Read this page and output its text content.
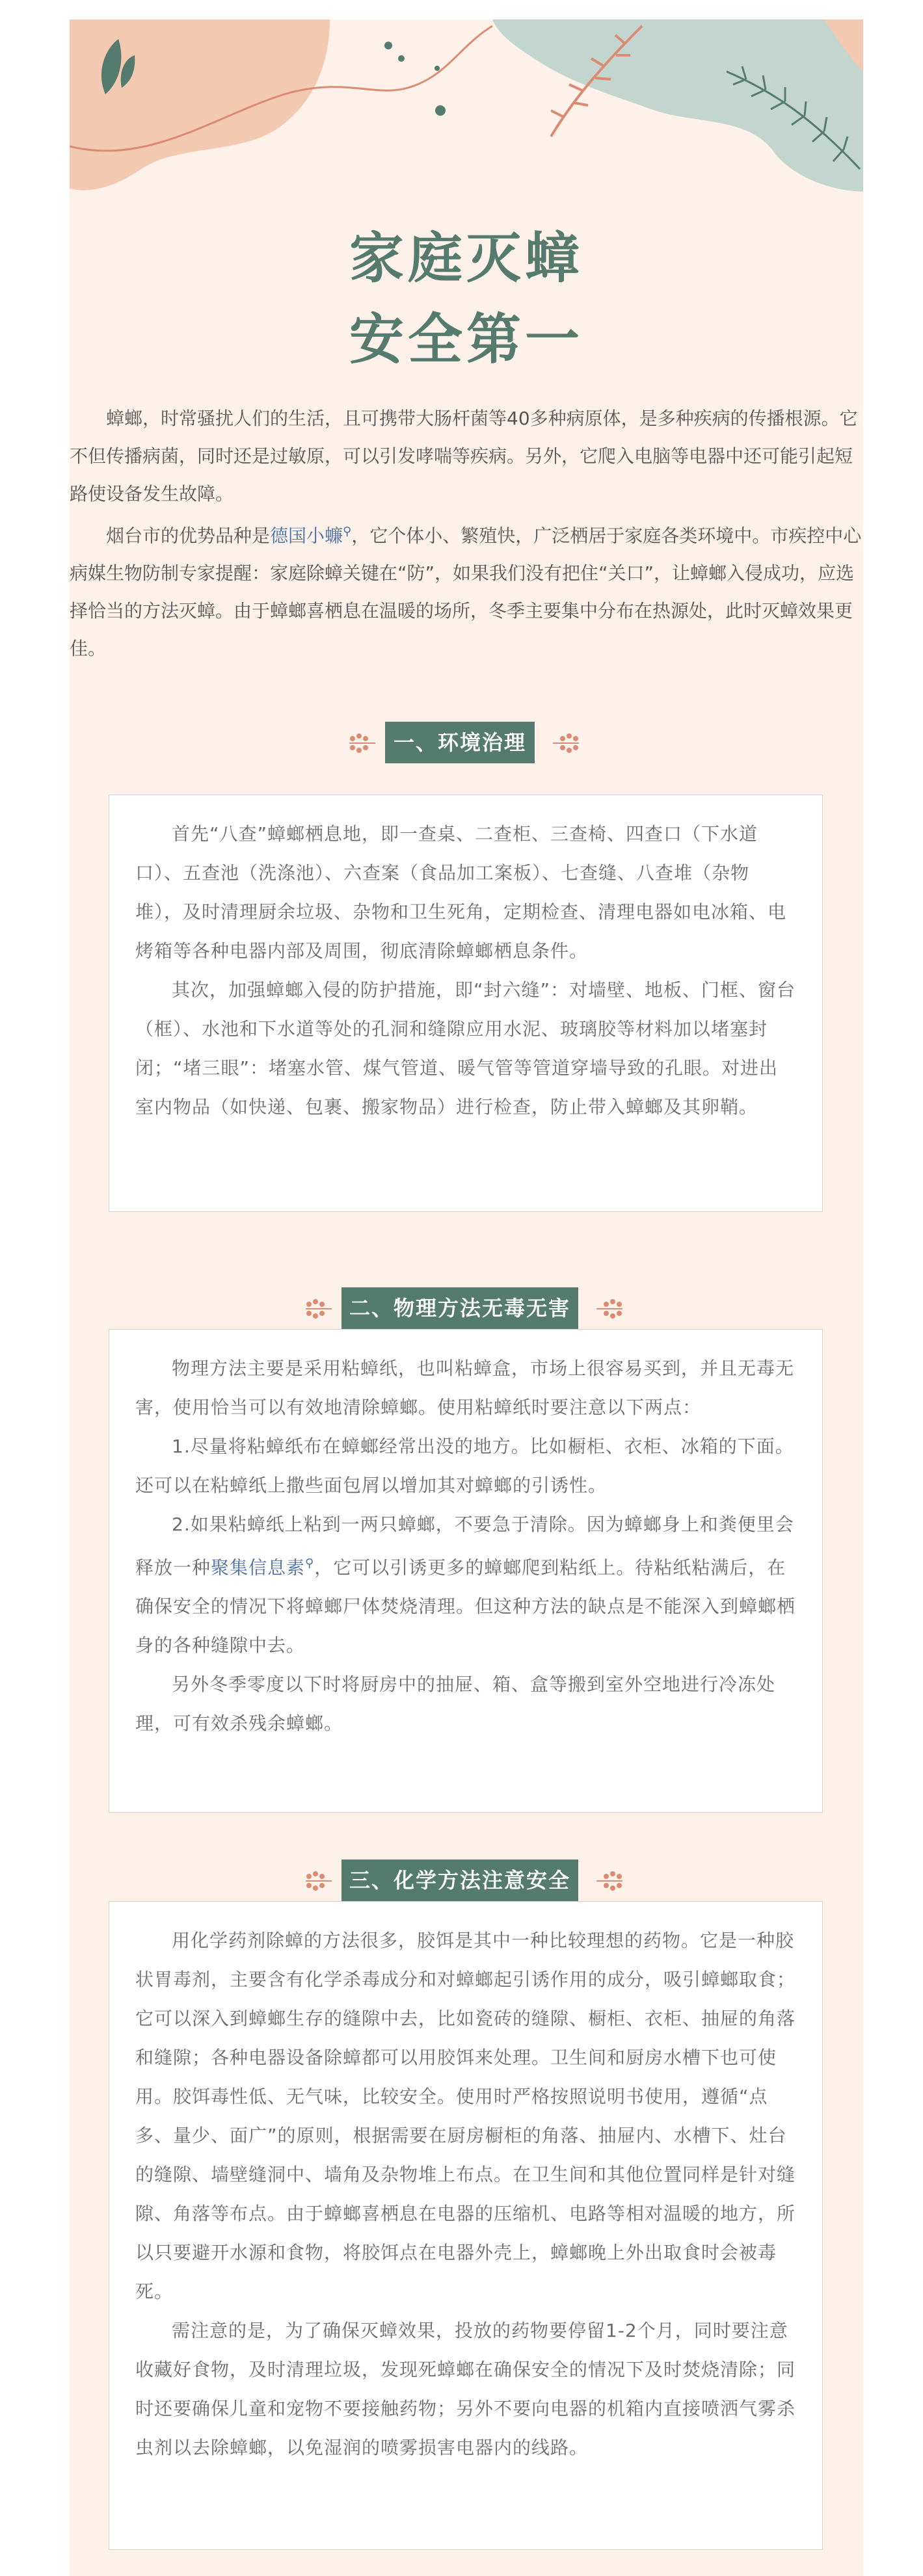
家庭灭蟑
安全第一

蟑螂，时常骚扰人们的生活，且可携带大肠杆菌等40多种病原体，是多种疾病的传播根源。它不但传播病菌，同时还是过敏原，可以引发哮喘等疾病。另外，它爬入电脑等电器中还可能引起短路使设备发生故障。

烟台市的优势品种是德国小蠊⚲，它个体小、繁殖快，广泛栖居于家庭各类环境中。市疾控中心病媒生物防制专家提醒：家庭除蟑关键在“防”，如果我们没有把住“关口”，让蟑螂入侵成功，应选择恰当的方法灭蟑。由于蟑螂喜栖息在温暖的场所，冬季主要集中分布在热源处，此时灭蟑效果更佳。

一、环境治理

首先“八查”蟑螂栖息地，即一查桌、二查柜、三查椅、四查口（下水道口）、五查池（洗涤池）、六查案（食品加工案板）、七查缝、八查堆（杂物堆），及时清理厨余垃圾、杂物和卫生死角，定期检查、清理电器如电冰箱、电烤箱等各种电器内部及周围，彻底清除蟑螂栖息条件。

其次，加强蟑螂入侵的防护措施，即“封六缝”：对墙壁、地板、门框、窗台（框）、水池和下水道等处的孔洞和缝隙应用水泥、玻璃胶等材料加以堵塞封闭；“堵三眼”：堵塞水管、煤气管道、暖气管等管道穿墙导致的孔眼。对进出室内物品（如快递、包裹、搬家物品）进行检查，防止带入蟑螂及其卵鞘。

二、物理方法无毒无害

物理方法主要是采用粘蟑纸，也叫粘蟑盒，市场上很容易买到，并且无毒无害，使用恰当可以有效地清除蟑螂。使用粘蟑纸时要注意以下两点：

1.尽量将粘蟑纸布在蟑螂经常出没的地方。比如橱柜、衣柜、冰箱的下面。还可以在粘蟑纸上撒些面包屑以增加其对蟑螂的引诱性。

2.如果粘蟑纸上粘到一两只蟑螂，不要急于清除。因为蟑螂身上和粪便里会释放一种聚集信息素⚲，它可以引诱更多的蟑螂爬到粘纸上。待粘纸粘满后，在确保安全的情况下将蟑螂尸体焚烧清理。但这种方法的缺点是不能深入到蟑螂栖身的各种缝隙中去。

另外冬季零度以下时将厨房中的抽屉、箱、盒等搬到室外空地进行冷冻处理，可有效杀残余蟑螂。

三、化学方法注意安全

用化学药剂除蟑的方法很多，胶饵是其中一种比较理想的药物。它是一种胶状胃毒剂，主要含有化学杀毒成分和对蟑螂起引诱作用的成分，吸引蟑螂取食；它可以深入到蟑螂生存的缝隙中去，比如瓷砖的缝隙、橱柜、衣柜、抽屉的角落和缝隙；各种电器设备除蟑都可以用胶饵来处理。卫生间和厨房水槽下也可使用。胶饵毒性低、无气味，比较安全。使用时严格按照说明书使用，遵循“点多、量少、面广”的原则，根据需要在厨房橱柜的角落、抽屉内、水槽下、灶台的缝隙、墙壁缝洞中、墙角及杂物堆上布点。在卫生间和其他位置同样是针对缝隙、角落等布点。由于蟑螂喜栖息在电器的压缩机、电路等相对温暖的地方，所以只要避开水源和食物，将胶饵点在电器外壳上，蟑螂晚上外出取食时会被毒死。

需注意的是，为了确保灭蟑效果，投放的药物要停留1-2个月，同时要注意收藏好食物，及时清理垃圾，发现死蟑螂在确保安全的情况下及时焚烧清除；同时还要确保儿童和宠物不要接触药物；另外不要向电器的机箱内直接喷洒气雾杀虫剂以去除蟑螂，以免湿润的喷雾损害电器内的线路。
